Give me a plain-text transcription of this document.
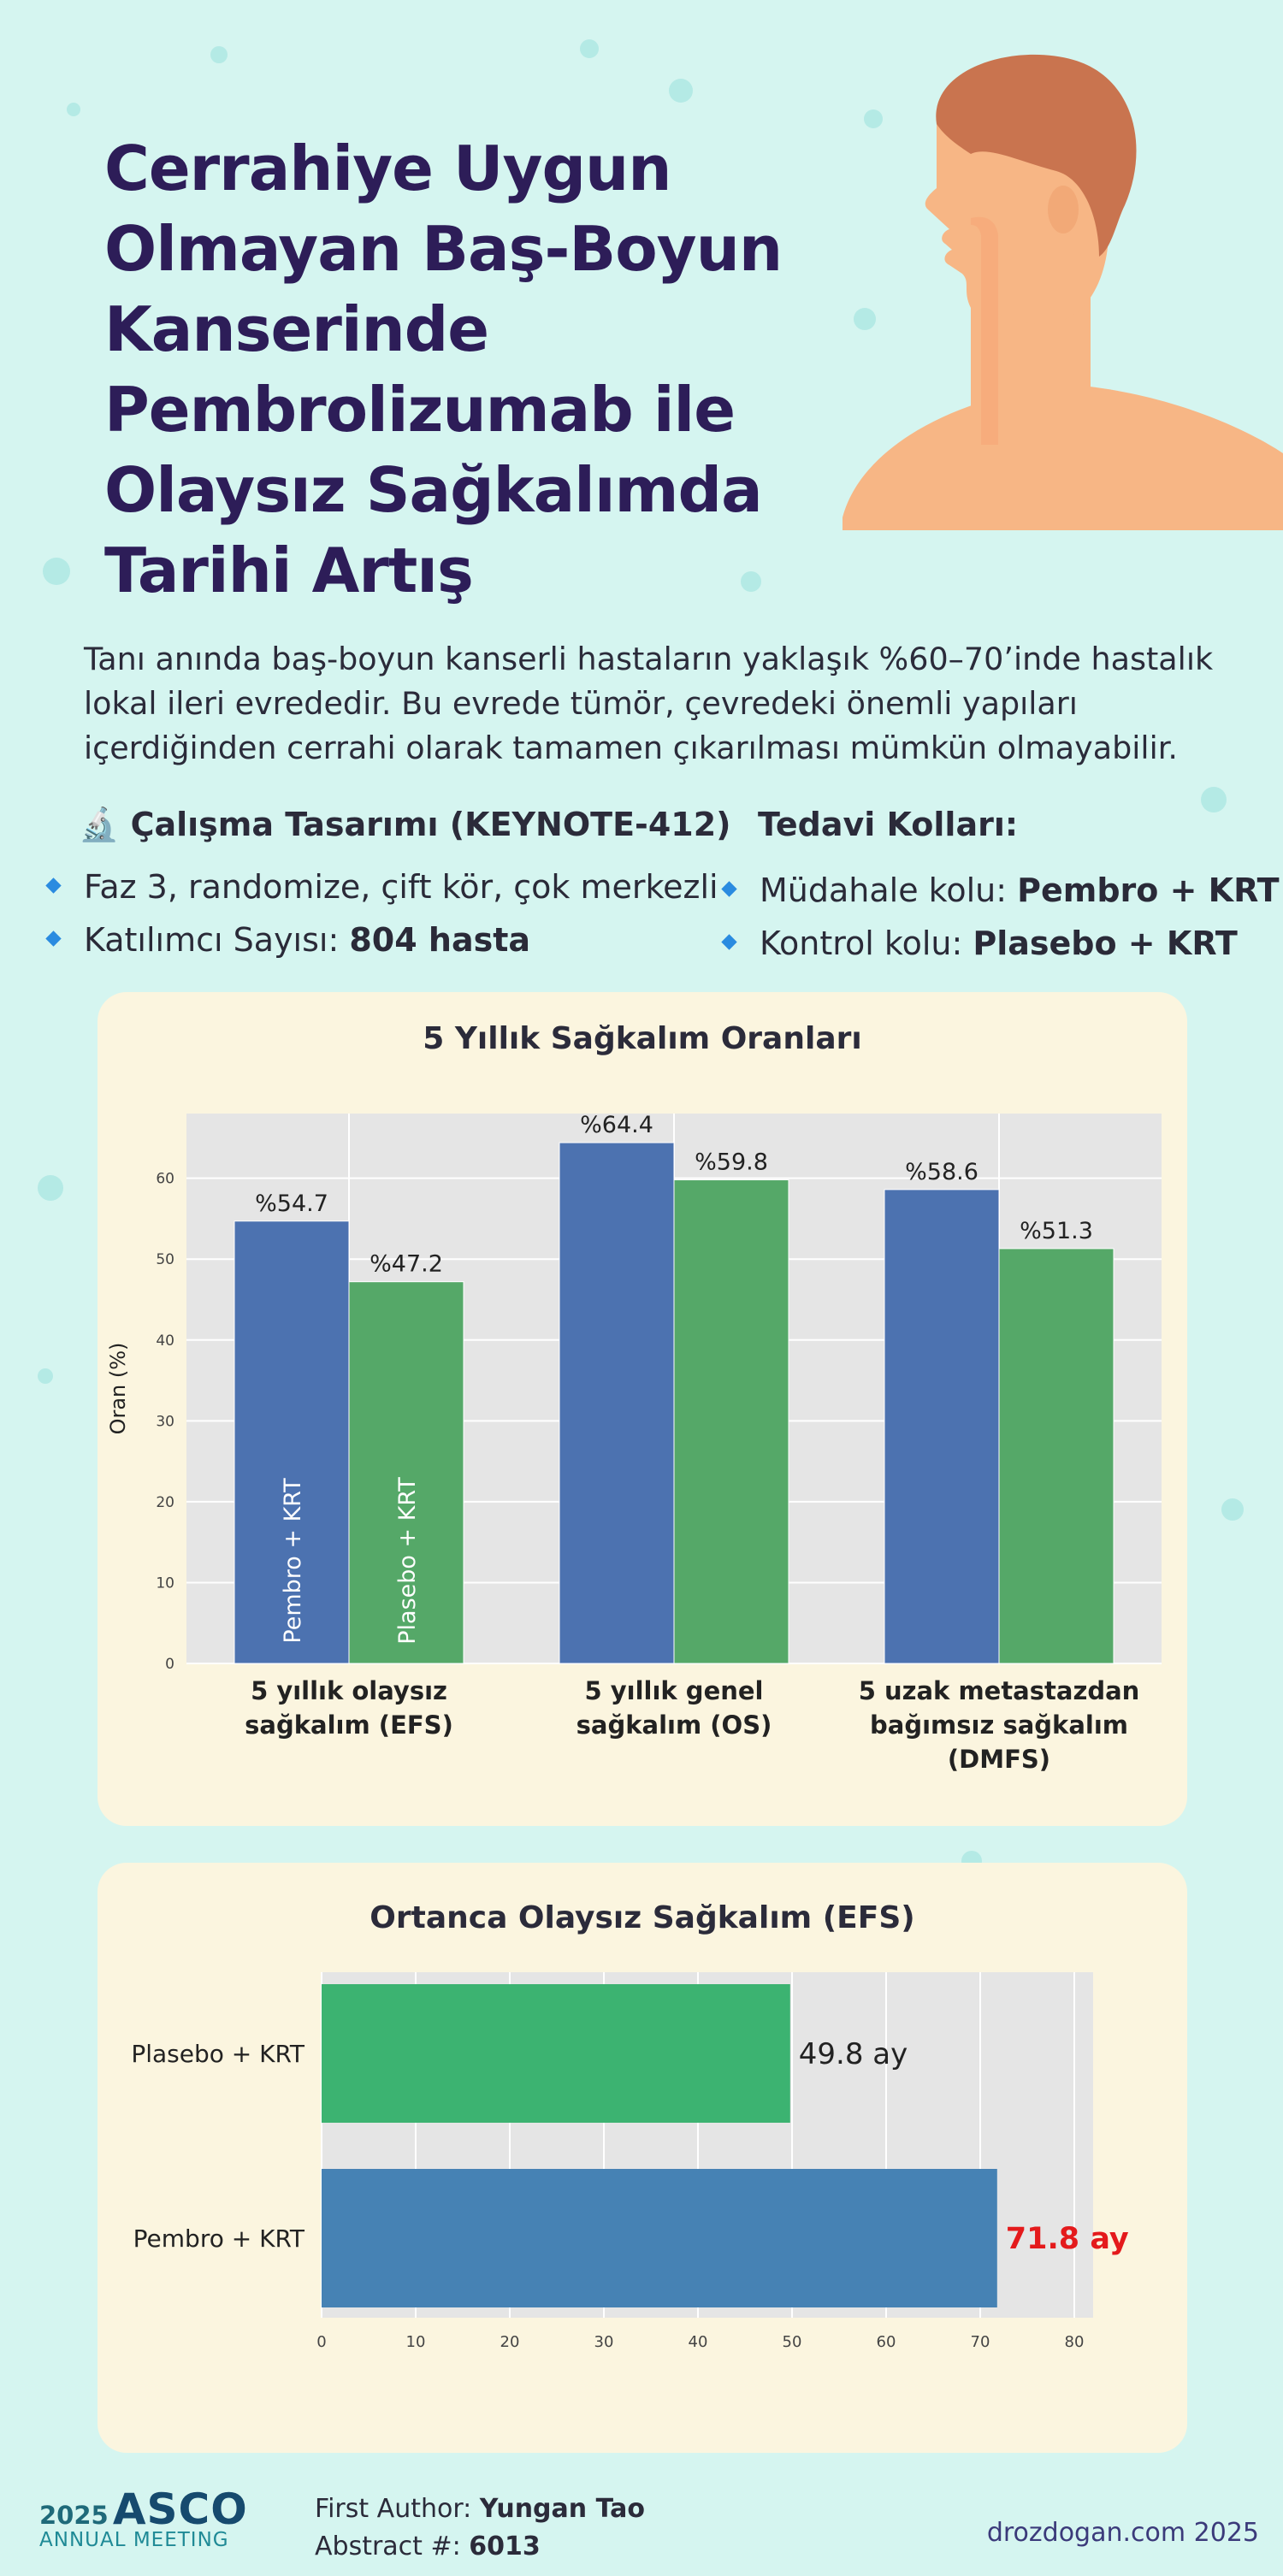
Cerrahiye Uygun
Olmayan Baş-Boyun
Kanserinde
Pembrolizumab ile
Olaysız Sağkalımda
Tarihi Artış

Tanı anında baş-boyun kanserli hastaların yaklaşık %60–70’inde hastalık lokal ileri evrededir. Bu evrede tümör, çevredeki önemli yapıları içerdiğinden cerrahi olarak tamamen çıkarılması mümkün olmayabilir.

🔬 Çalışma Tasarımı (KEYNOTE-412)
Faz 3, randomize, çift kör, çok merkezli
Katılımcı Sayısı: 804 hasta
Tedavi Kolları:
Müdahale kolu: Pembro + KRT
Kontrol kolu: Plasebo + KRT
5 Yıllık Sağkalım Oranları
0
10
20
30
40
50
60
Oran (%)
%54.7
Pembro + KRT
%47.2
Plasebo + KRT
5 yıllık olaysız
sağkalım (EFS)
%64.4
%59.8
5 yıllık genel
sağkalım (OS)
%58.6
%51.3
5 uzak metastazdan
bağımsız sağkalım
(DMFS)
Ortanca Olaysız Sağkalım (EFS)
0	10	20	30	40	50	60	70	80
Plasebo + KRT	49.8 ay
Pembro + KRT	71.8 ay
2025 ASCO
ANNUAL MEETING
First Author: Yungan Tao
Abstract #: 6013	drozdogan.com 2025
